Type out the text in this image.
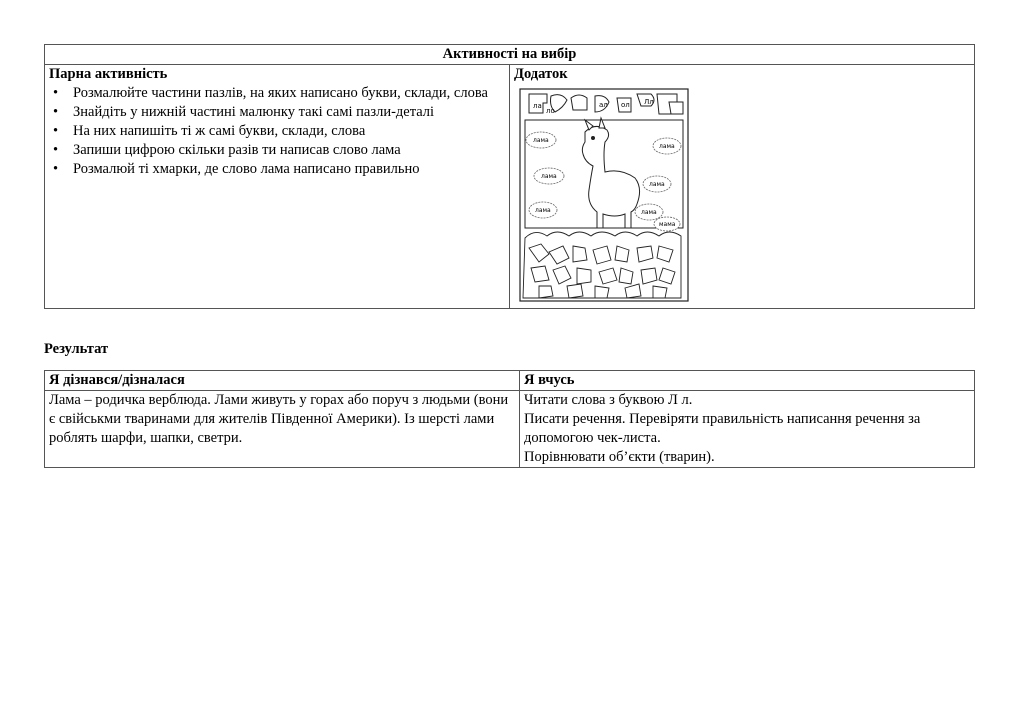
Активності на вибір

Парна активність
• Розмалюйте частини пазлів, на яких написано букви, склади, слова
• Знайдіть у нижній частині малюнку такі самі пазли-деталі
• На них напишіть ті ж самі букви, склади, слова
• Запиши цифрою скільки разів ти написав слово лама
• Розмалюй ті хмарки, де слово лама написано правильно

Додаток
ла
ло
ал ол Лл
лама
лама
лама
лама
лама	лама
мама
Результат
Я дізнався/дізналася	Я вчусь
Лама – родичка верблюда. Лами живуть у горах або поруч з людьми (вони є свійськми тваринами для жителів Південної Америки). Із шерсті лами роблять шарфи, шапки, светри.	Читати слова з буквою Л л.
Писати речення. Перевіряти правильність написання речення за допомогою чек-листа.
Порівнювати об’єкти (тварин).
